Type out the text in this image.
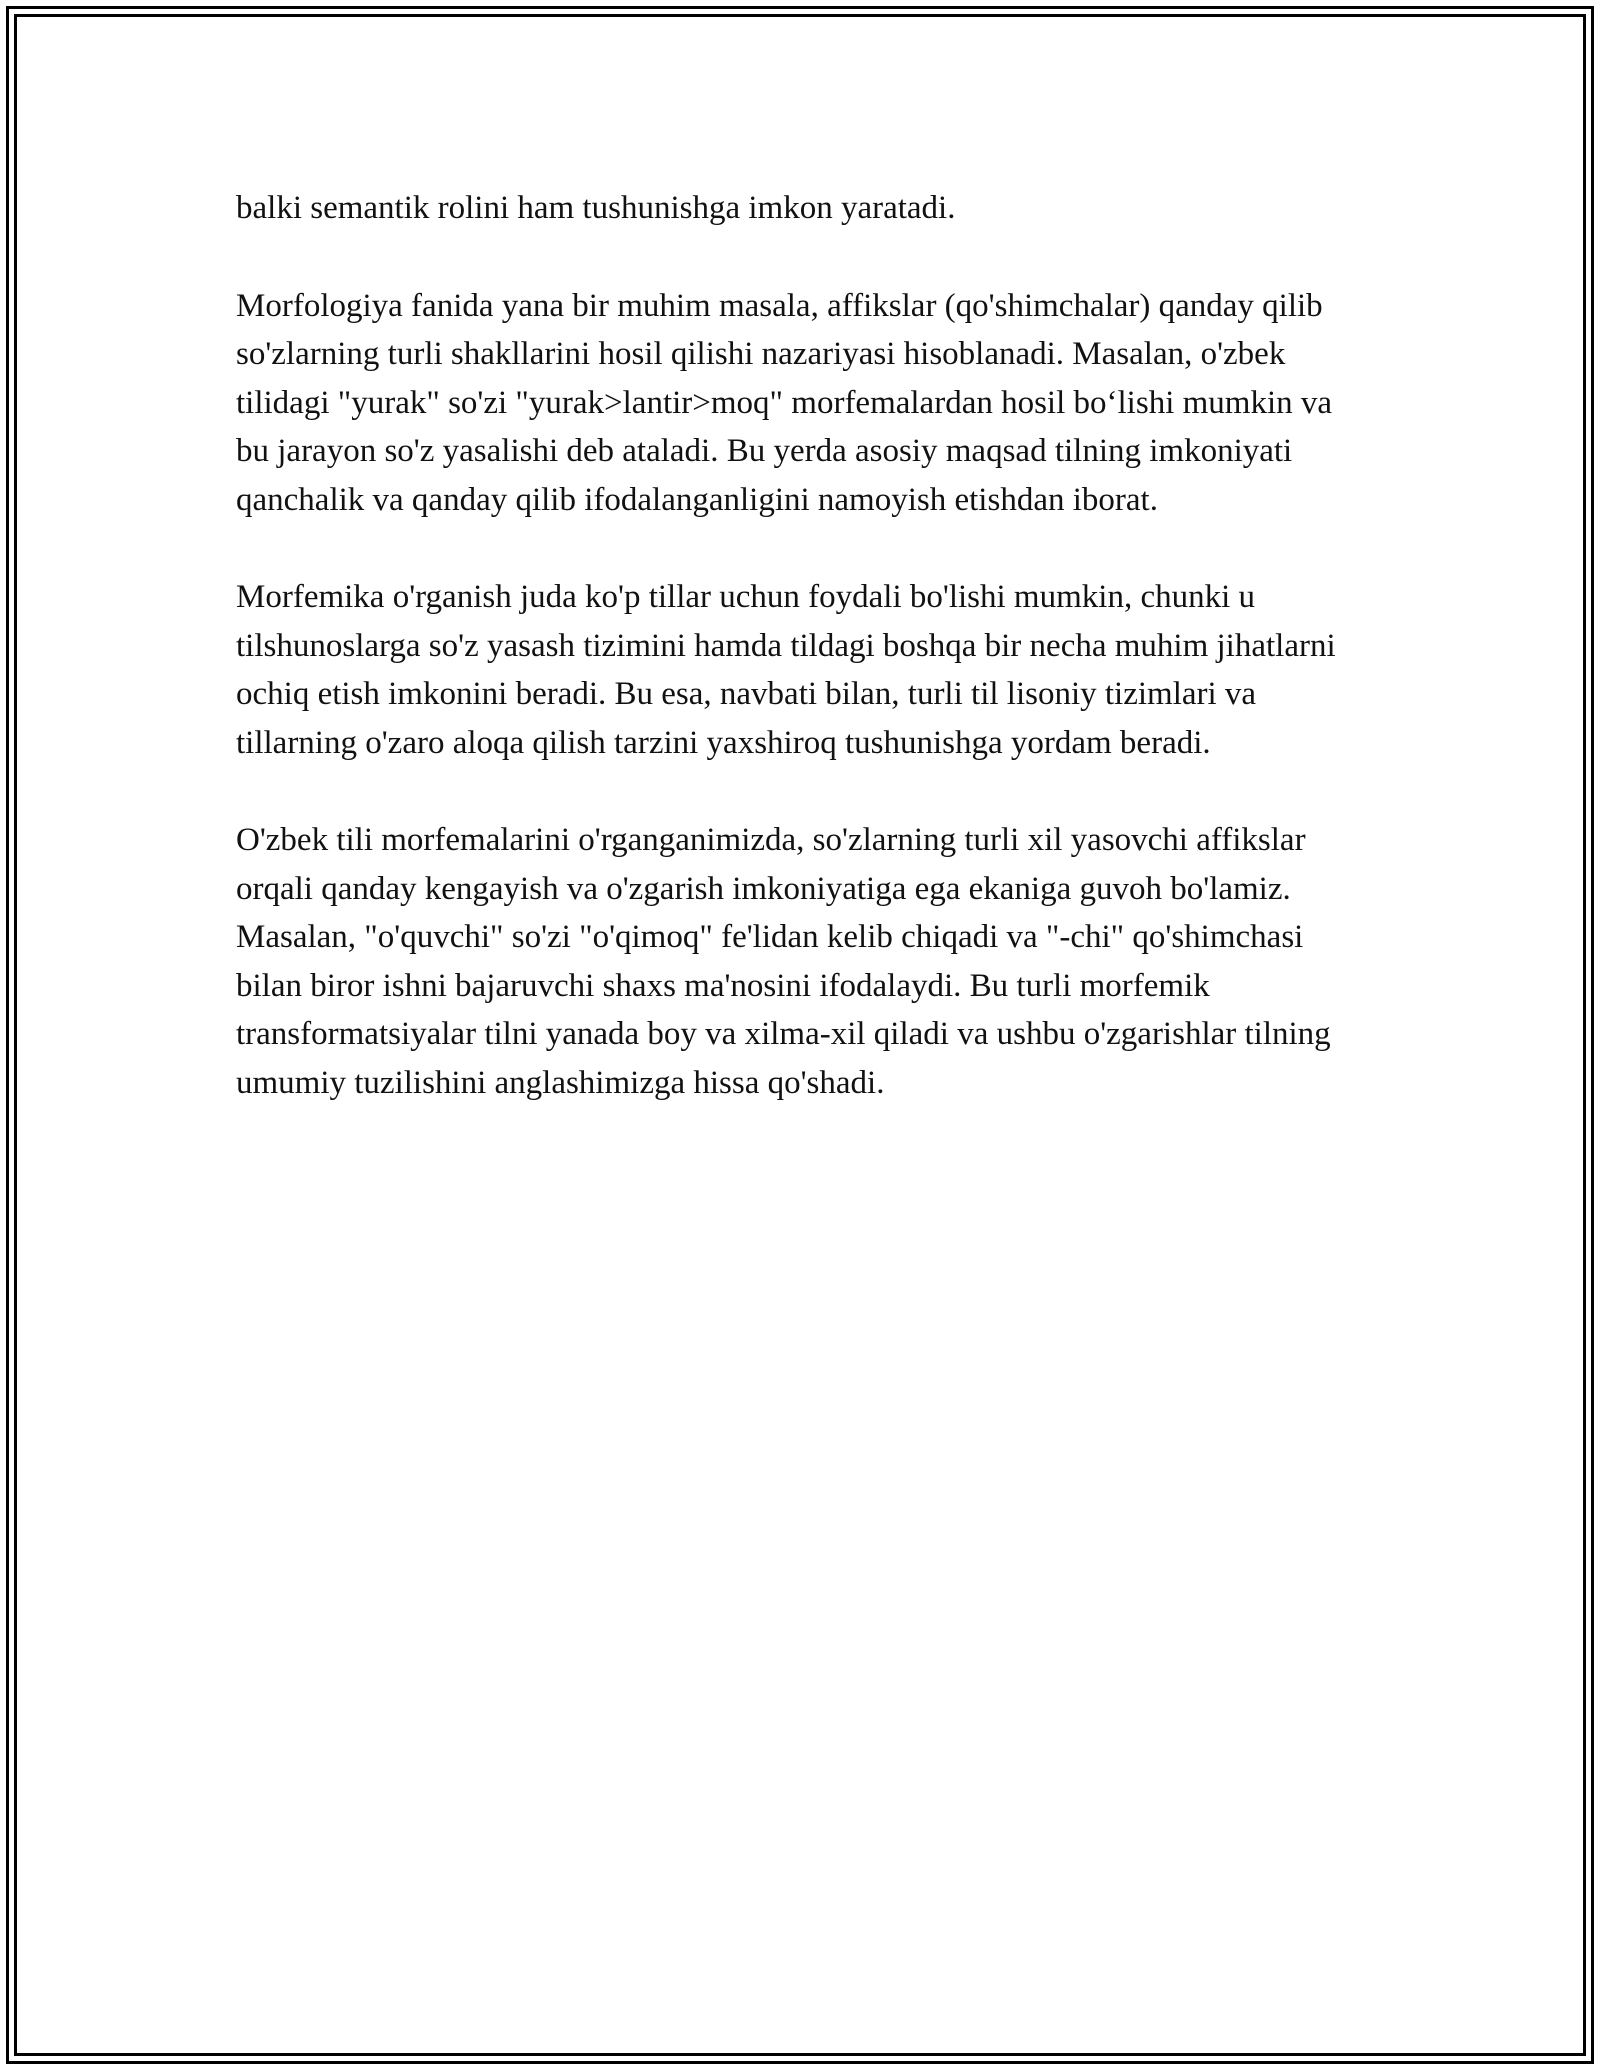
balki semantik rolini ham tushunishga imkon yaratadi.

Morfologiya fanida yana bir muhim masala, affikslar (qo'shimchalar) qanday qilib so'zlarning turli shakllarini hosil qilishi nazariyasi hisoblanadi. Masalan, o'zbek tilidagi "yurak" so'zi "yurak>lantir>moq" morfemalardan hosil bo‘lishi mumkin va bu jarayon so'z yasalishi deb ataladi. Bu yerda asosiy maqsad tilning imkoniyati qanchalik va qanday qilib ifodalanganligini namoyish etishdan iborat.

Morfemika o'rganish juda ko'p tillar uchun foydali bo'lishi mumkin, chunki u tilshunoslarga so'z yasash tizimini hamda tildagi boshqa bir necha muhim jihatlarni ochiq etish imkonini beradi. Bu esa, navbati bilan, turli til lisoniy tizimlari va tillarning o'zaro aloqa qilish tarzini yaxshiroq tushunishga yordam beradi.

O'zbek tili morfemalarini o'rganganimizda, so'zlarning turli xil yasovchi affikslar orqali qanday kengayish va o'zgarish imkoniyatiga ega ekaniga guvoh bo'lamiz. Masalan, "o'quvchi" so'zi "o'qimoq" fe'lidan kelib chiqadi va "-chi" qo'shimchasi bilan biror ishni bajaruvchi shaxs ma'nosini ifodalaydi. Bu turli morfemik transformatsiyalar tilni yanada boy va xilma-xil qiladi va ushbu o'zgarishlar tilning umumiy tuzilishini anglashimizga hissa qo'shadi.
